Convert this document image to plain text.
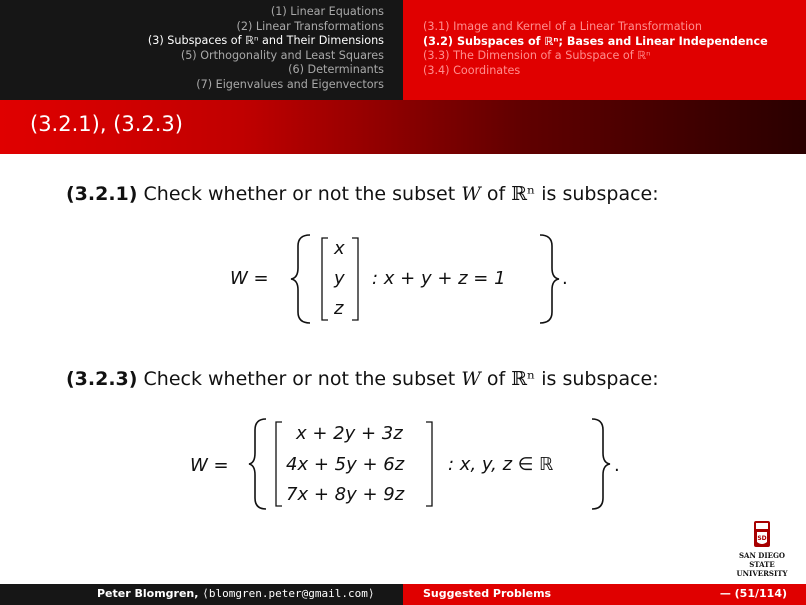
(1) Linear Equations
(2) Linear Transformations
(3) Subspaces of ℝⁿ and Their Dimensions
(5) Orthogonality and Least Squares
(6) Determinants
(7) Eigenvalues and Eigenvectors
(3.1) Image and Kernel of a Linear Transformation
(3.2) Subspaces of ℝⁿ; Bases and Linear Independence
(3.3) The Dimension of a Subspace of ℝⁿ
(3.4) Coordinates
(3.2.1), (3.2.3)
(3.2.1) Check whether or not the subset W of ℝⁿ is subspace:
W =
x
y
z
: x + y + z = 1	.
(3.2.3) Check whether or not the subset W of ℝⁿ is subspace:
W =
x + 2y + 3z
4x + 5y + 6z
7x + 8y + 9z
: x, y, z ∈ ℝ	.
SD
SAN DIEGO STATE
UNIVERSITY
Peter Blomgren, ⟨blomgren.peter@gmail.com⟩	Suggested Problems	— (51/114)
